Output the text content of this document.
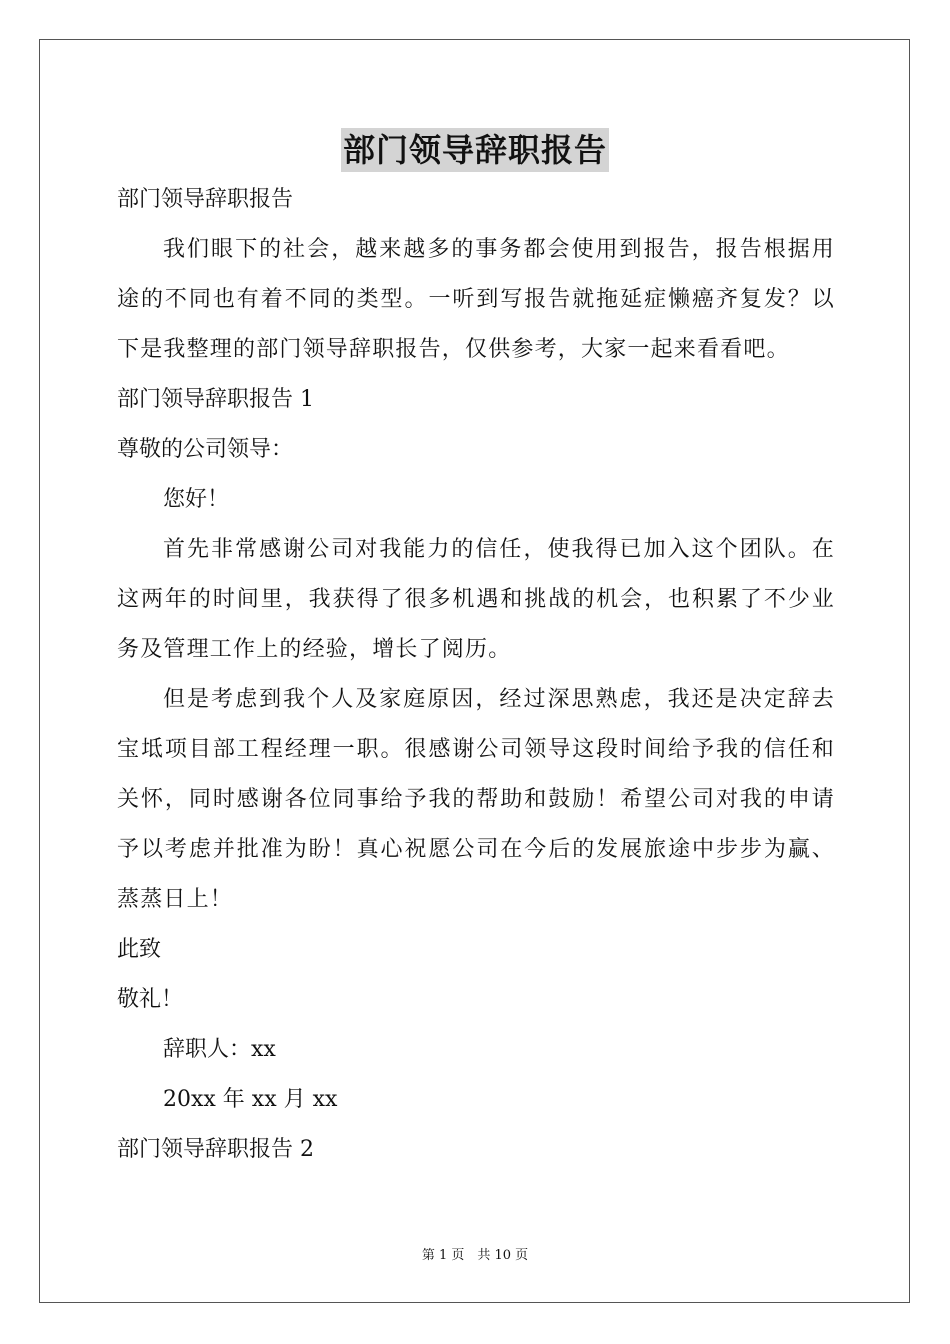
部门领导辞职报告

部门领导辞职报告

我们眼下的社会，越来越多的事务都会使用到报告，报告根据用途的不同也有着不同的类型。一听到写报告就拖延症懒癌齐复发？以下是我整理的部门领导辞职报告，仅供参考，大家一起来看看吧。

部门领导辞职报告 1

尊敬的公司领导：

您好！

首先非常感谢公司对我能力的信任，使我得已加入这个团队。在这两年的时间里，我获得了很多机遇和挑战的机会，也积累了不少业务及管理工作上的经验，增长了阅历。

但是考虑到我个人及家庭原因，经过深思熟虑，我还是决定辞去宝坻项目部工程经理一职。很感谢公司领导这段时间给予我的信任和关怀，同时感谢各位同事给予我的帮助和鼓励！希望公司对我的申请予以考虑并批准为盼！真心祝愿公司在今后的发展旅途中步步为赢、蒸蒸日上！

此致

敬礼！

辞职人：xx

20xx 年 xx 月 xx

部门领导辞职报告 2

第 1 页　共 10 页
